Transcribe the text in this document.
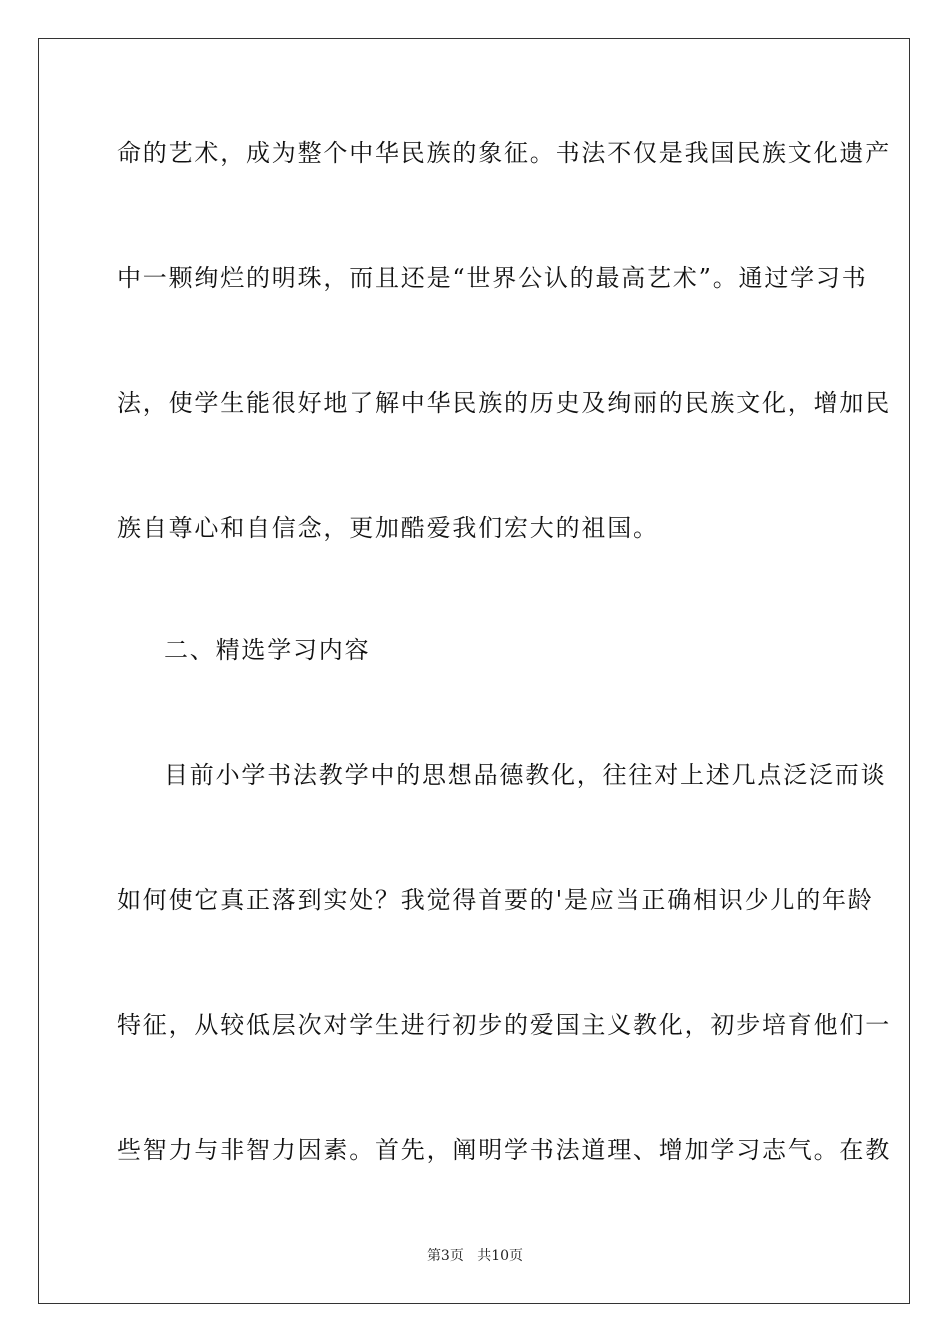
命的艺术，成为整个中华民族的象征。书法不仅是我国民族文化遗产
中一颗绚烂的明珠，而且还是“世界公认的最高艺术”。通过学习书
法，使学生能很好地了解中华民族的历史及绚丽的民族文化，增加民
族自尊心和自信念，更加酷爱我们宏大的祖国。
二、精选学习内容
目前小学书法教学中的思想品德教化，往往对上述几点泛泛而谈
如何使它真正落到实处？我觉得首要的'是应当正确相识少儿的年龄
特征，从较低层次对学生进行初步的爱国主义教化，初步培育他们一
些智力与非智力因素。首先，阐明学书法道理、增加学习志气。在教
第3页 共10页
